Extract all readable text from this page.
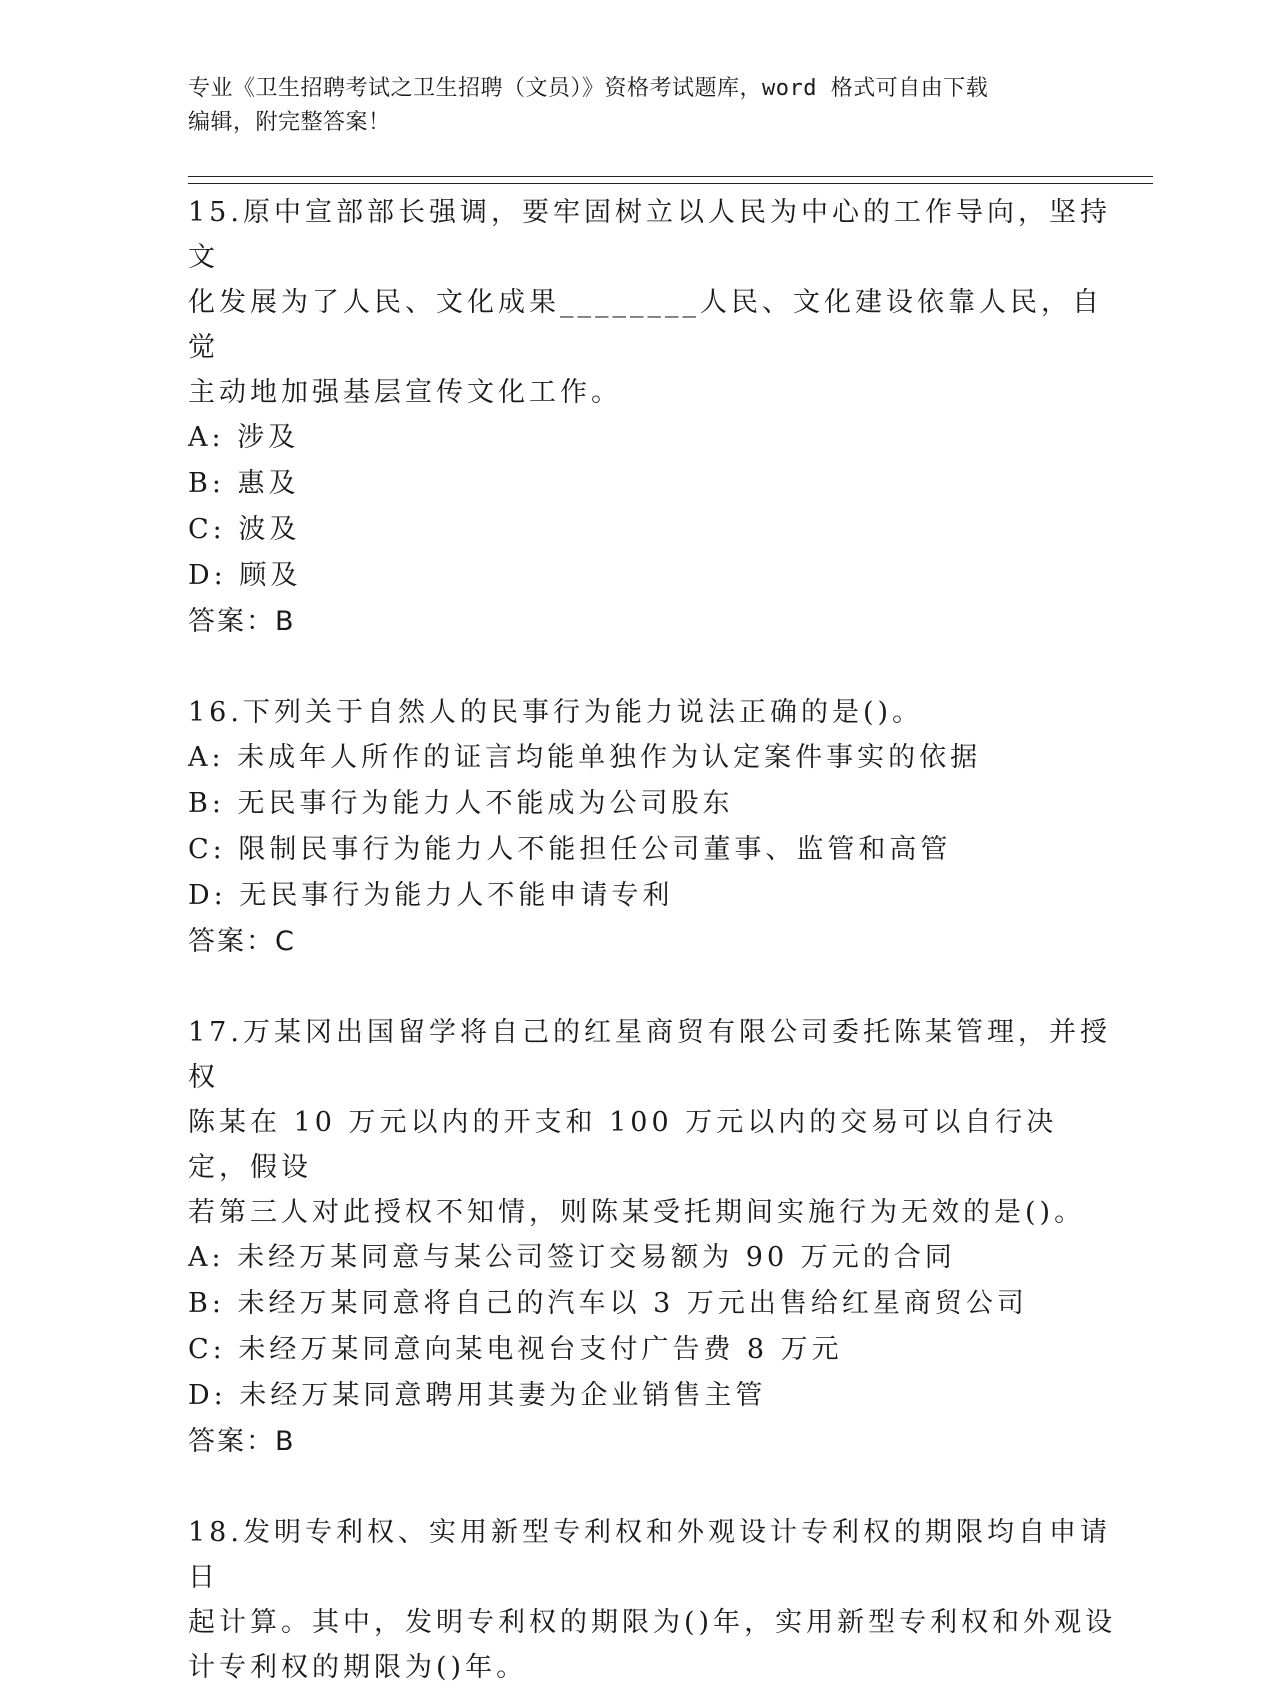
专业《卫生招聘考试之卫生招聘（文员）》资格考试题库，word 格式可自由下载
编辑，附完整答案！

15.原中宣部部长强调，要牢固树立以人民为中心的工作导向，坚持文

化发展为了人民、文化成果________人民、文化建设依靠人民，自觉

主动地加强基层宣传文化工作。

A: 涉及

B: 惠及

C: 波及

D: 顾及

答案：B

16.下列关于自然人的民事行为能力说法正确的是()。

A: 未成年人所作的证言均能单独作为认定案件事实的依据

B: 无民事行为能力人不能成为公司股东

C: 限制民事行为能力人不能担任公司董事、监管和高管

D: 无民事行为能力人不能申请专利

答案：C

17.万某冈出国留学将自己的红星商贸有限公司委托陈某管理，并授权

陈某在 10 万元以内的开支和 100 万元以内的交易可以自行决定，假设

若第三人对此授权不知情，则陈某受托期间实施行为无效的是()。

A: 未经万某同意与某公司签订交易额为 90 万元的合同

B: 未经万某同意将自己的汽车以 3 万元出售给红星商贸公司

C: 未经万某同意向某电视台支付广告费 8 万元

D: 未经万某同意聘用其妻为企业销售主管

答案：B

18.发明专利权、实用新型专利权和外观设计专利权的期限均自申请日

起计算。其中，发明专利权的期限为()年，实用新型专利权和外观设

计专利权的期限为()年。
